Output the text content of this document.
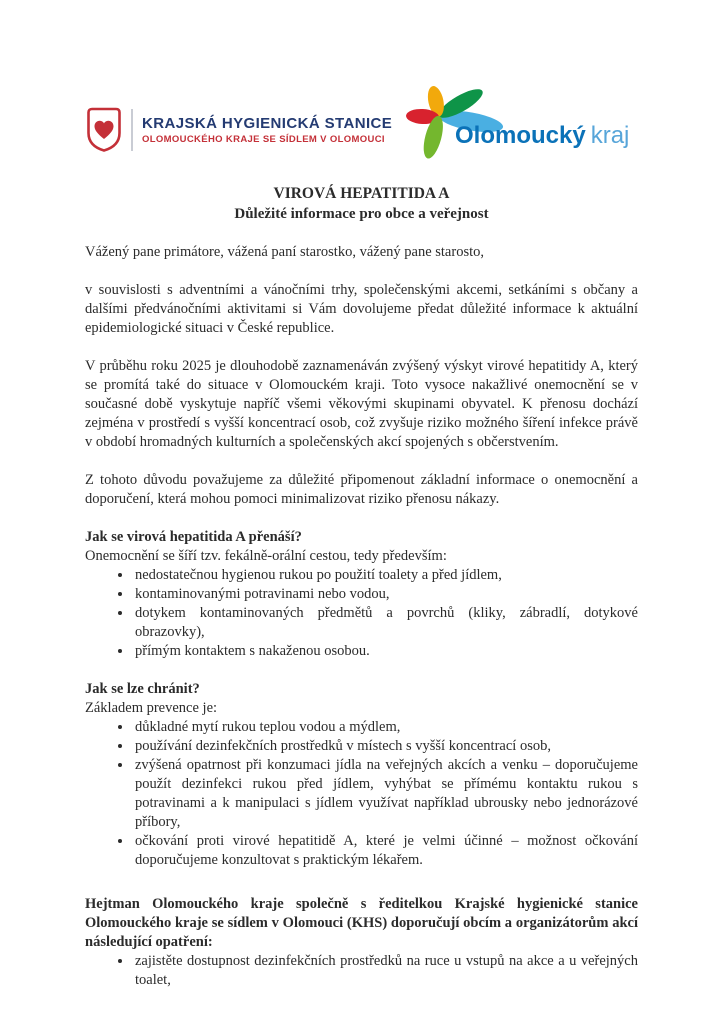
KRAJSKÁ HYGIENICKÁ STANICE
OLOMOUCKÉHO KRAJE SE SÍDLEM V OLOMOUCI	Olomoucký kraj
VIROVÁ HEPATITIDA A
Důležité informace pro obce a veřejnost

Vážený pane primátore, vážená paní starostko, vážený pane starosto,

v souvislosti s adventními a vánočními trhy, společenskými akcemi, setkáními s občany a dalšími předvánočními aktivitami si Vám dovolujeme předat důležité informace k aktuální epidemiologické situaci v České republice.

V průběhu roku 2025 je dlouhodobě zaznamenáván zvýšený výskyt virové hepatitidy A, který se promítá také do situace v Olomouckém kraji. Toto vysoce nakažlivé onemocnění se v současné době vyskytuje napříč všemi věkovými skupinami obyvatel. K přenosu dochází zejména v prostředí s vyšší koncentrací osob, což zvyšuje riziko možného šíření infekce právě v období hromadných kulturních a společenských akcí spojených s občerstvením.

Z tohoto důvodu považujeme za důležité připomenout základní informace o onemocnění a doporučení, která mohou pomoci minimalizovat riziko přenosu nákazy.

Jak se virová hepatitida A přenáší?

Onemocnění se šíří tzv. fekálně-orální cestou, tedy především:

• nedostatečnou hygienou rukou po použití toalety a před jídlem,
• kontaminovanými potravinami nebo vodou,
• dotykem kontaminovaných předmětů a povrchů (kliky, zábradlí, dotykové obrazovky),
• přímým kontaktem s nakaženou osobou.
Jak se lze chránit?

Základem prevence je:

• důkladné mytí rukou teplou vodou a mýdlem,
• používání dezinfekčních prostředků v místech s vyšší koncentrací osob,
• zvýšená opatrnost při konzumaci jídla na veřejných akcích a venku – doporučujeme použít dezinfekci rukou před jídlem, vyhýbat se přímému kontaktu rukou s potravinami a k manipulaci s jídlem využívat například ubrousky nebo jednorázové příbory,
• očkování proti virové hepatitidě A, které je velmi účinné – možnost očkování doporučujeme konzultovat s praktickým lékařem.

Hejtman Olomouckého kraje společně s ředitelkou Krajské hygienické stanice Olomouckého kraje se sídlem v Olomouci (KHS) doporučují obcím a organizátorům akcí následující opatření:

• zajistěte dostupnost dezinfekčních prostředků na ruce u vstupů na akce a u veřejných toalet,
